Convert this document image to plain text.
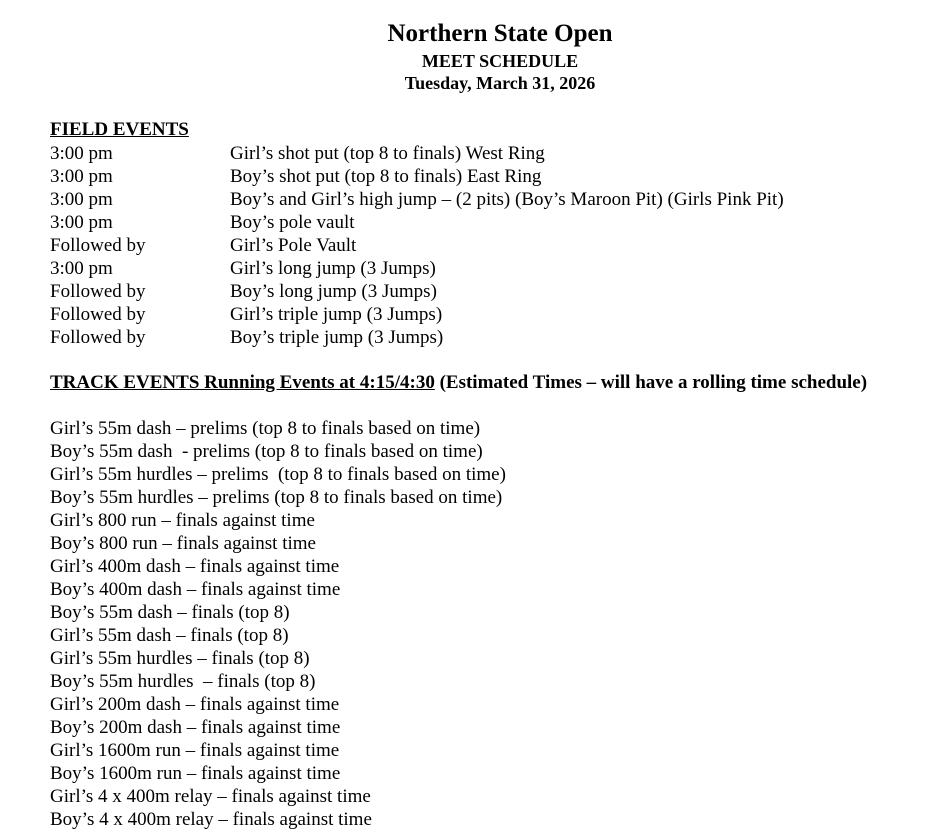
Northern State Open
MEET SCHEDULE
Tuesday, March 31, 2026
FIELD EVENTS
3:00 pm	Girl’s shot put (top 8 to finals) West Ring
3:00 pm	Boy’s shot put (top 8 to finals) East Ring
3:00 pm	Boy’s and Girl’s high jump – (2 pits) (Boy’s Maroon Pit) (Girls Pink Pit)
3:00 pm	Boy’s pole vault
Followed by	Girl’s Pole Vault
3:00 pm	Girl’s long jump (3 Jumps)
Followed by	Boy’s long jump (3 Jumps)
Followed by	Girl’s triple jump (3 Jumps)
Followed by	Boy’s triple jump (3 Jumps)
TRACK EVENTS Running Events at 4:15/4:30 (Estimated Times – will have a rolling time schedule)
Girl’s 55m dash – prelims (top 8 to finals based on time)
Boy’s 55m dash  - prelims (top 8 to finals based on time)
Girl’s 55m hurdles – prelims  (top 8 to finals based on time)
Boy’s 55m hurdles – prelims (top 8 to finals based on time)
Girl’s 800 run – finals against time
Boy’s 800 run – finals against time
Girl’s 400m dash – finals against time
Boy’s 400m dash – finals against time
Boy’s 55m dash – finals (top 8)
Girl’s 55m dash – finals (top 8)
Girl’s 55m hurdles – finals (top 8)
Boy’s 55m hurdles  – finals (top 8)
Girl’s 200m dash – finals against time
Boy’s 200m dash – finals against time
Girl’s 1600m run – finals against time
Boy’s 1600m run – finals against time
Girl’s 4 x 400m relay – finals against time
Boy’s 4 x 400m relay – finals against time
